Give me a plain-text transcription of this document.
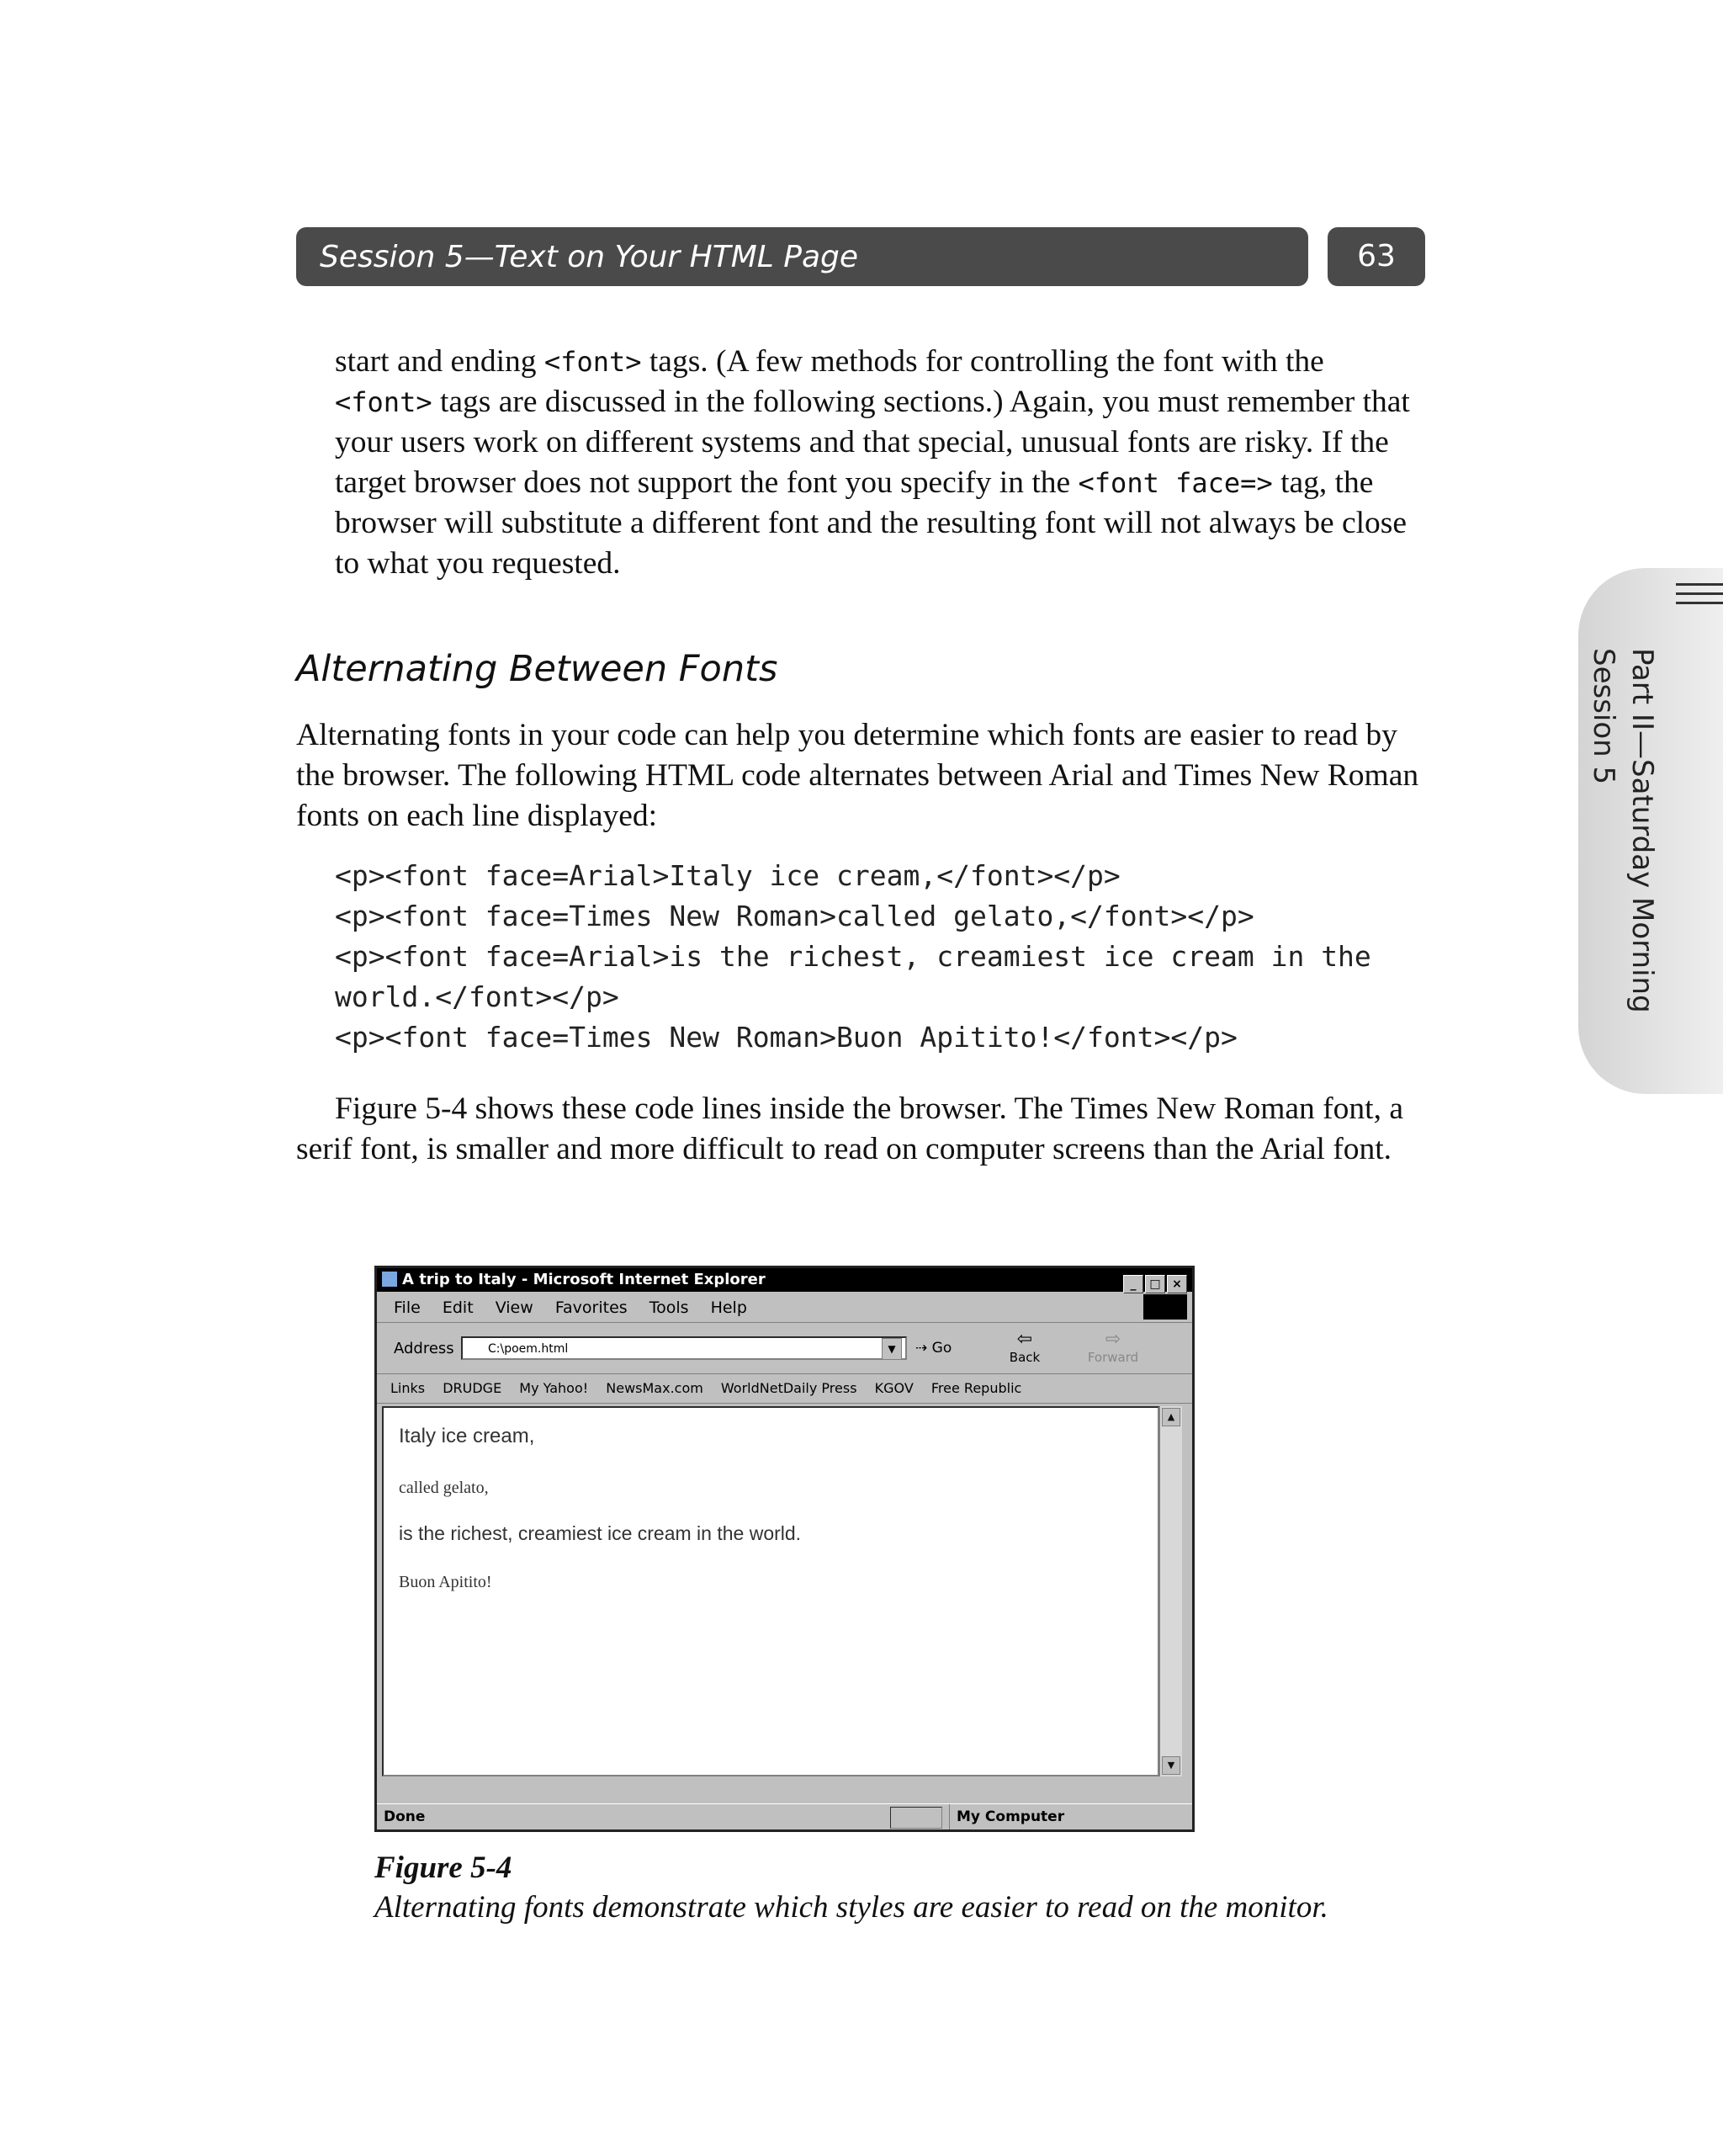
Session 5—Text on Your HTML Page	63
Part II—Saturday Morning
Session 5

start and ending <font> tags. (A few methods for controlling the font with the <font> tags are discussed in the following sections.) Again, you must remember that your users work on different systems and that special, unusual fonts are risky. If the target browser does not support the font you specify in the <font face=> tag, the browser will substitute a different font and the resulting font will not always be close to what you requested.

Alternating Between Fonts

Alternating fonts in your code can help you determine which fonts are easier to read by the browser. The following HTML code alternates between Arial and Times New Roman fonts on each line displayed:

<p><font face=Arial>Italy ice cream,</font></p>
<p><font face=Times New Roman>called gelato,</font></p>
<p><font face=Arial>is the richest, creamiest ice cream in the
world.</font></p>
<p><font face=Times New Roman>Buon Apitito!</font></p>

Figure 5-4 shows these code lines inside the browser. The Times New Roman font, a serif font, is smaller and more difficult to read on computer screens than the Arial font.

A trip to Italy - Microsoft Internet Explorer	_ □ ×
File Edit View Favorites Tools Help
Address	C:\poem.html	▼	⇢ Go	⇦
Back
⇨
Forward
Links DRUDGE My Yahoo! NewsMax.com WorldNetDaily Press KGOV Free Republic
Italy ice cream,
called gelato,
is the richest, creamiest ice cream in the world.
Buon Apitito!
▲
▼
Done	My Computer
Figure 5-4
Alternating fonts demonstrate which styles are easier to read on the monitor.
